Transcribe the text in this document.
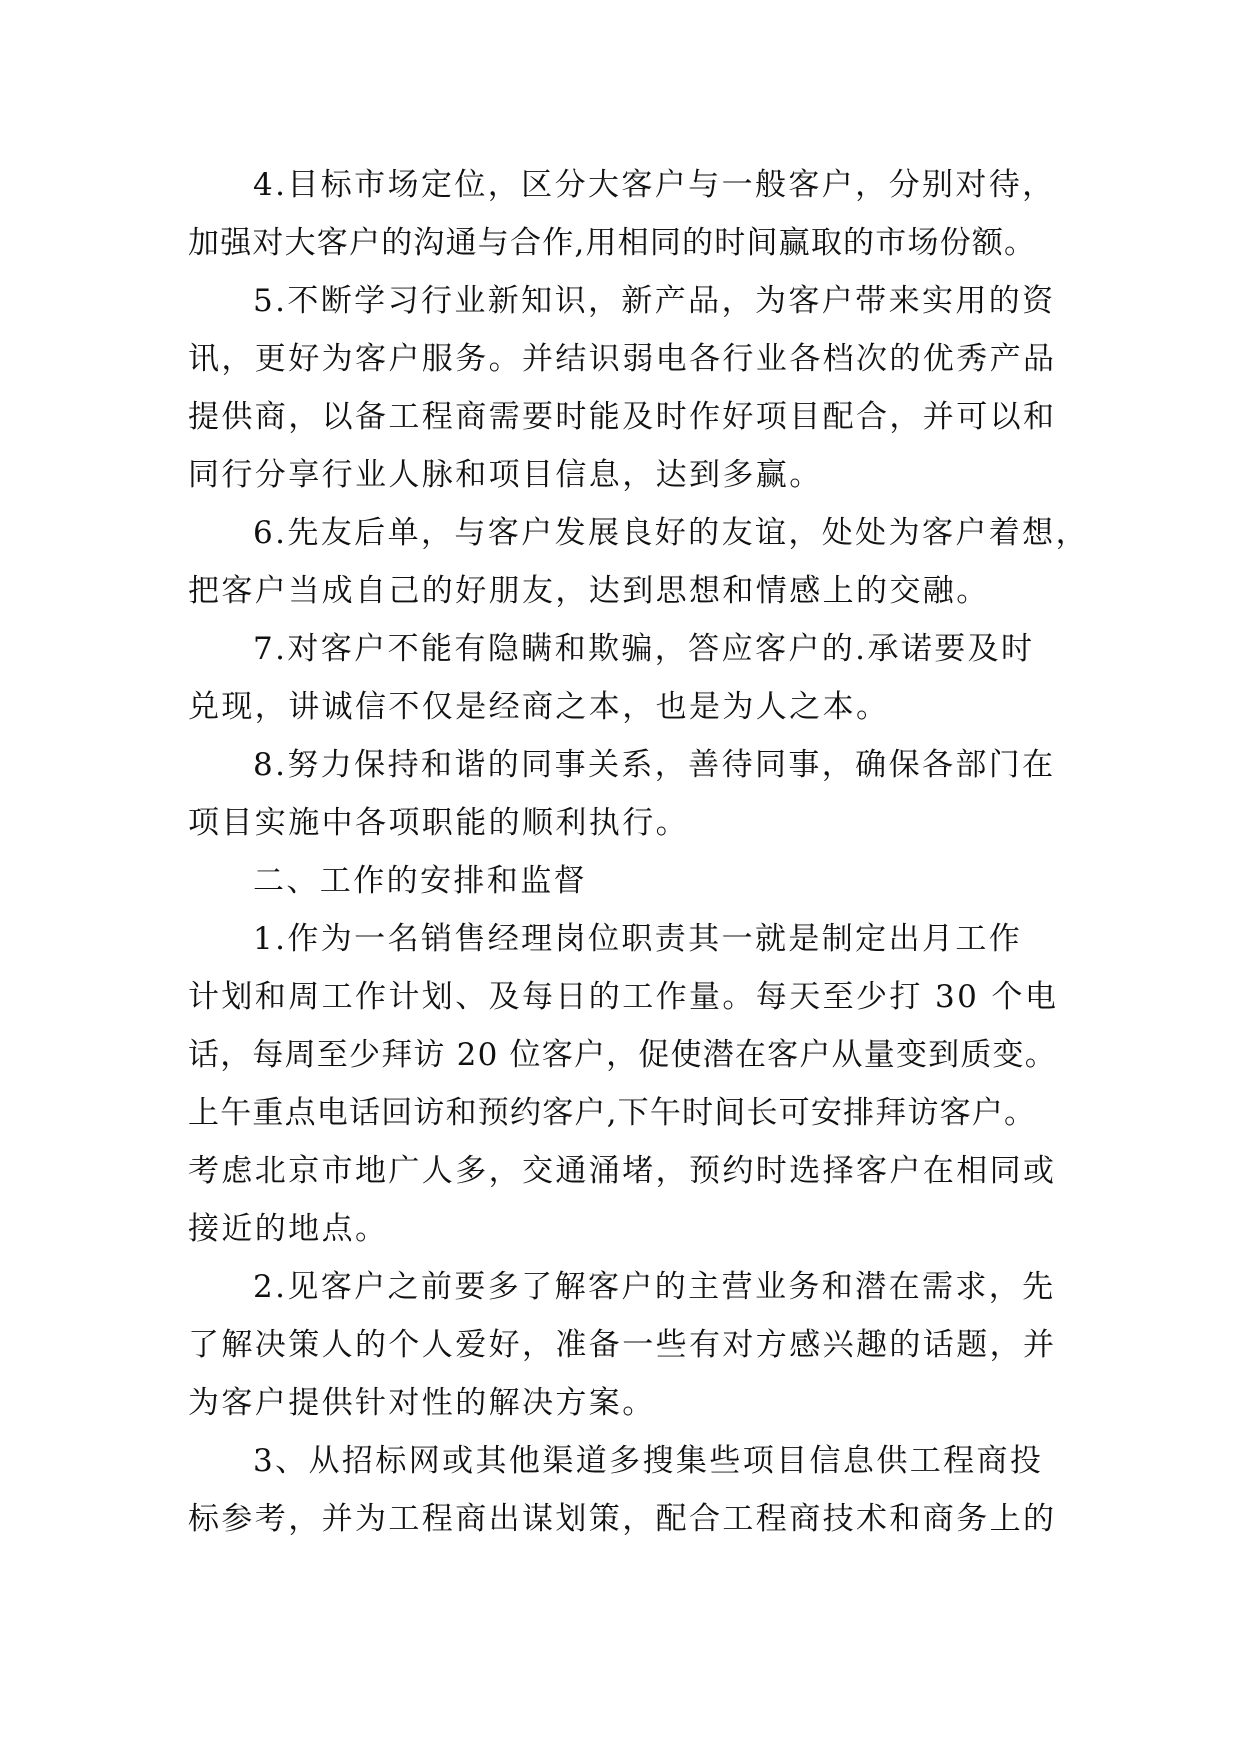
4.目标市场定位，区分大客户与一般客户，分别对待，
加强对大客户的沟通与合作,用相同的时间赢取的市场份额。
5.不断学习行业新知识，新产品，为客户带来实用的资
讯，更好为客户服务。并结识弱电各行业各档次的优秀产品
提供商，以备工程商需要时能及时作好项目配合，并可以和
同行分享行业人脉和项目信息，达到多赢。
6.先友后单，与客户发展良好的友谊，处处为客户着想，
把客户当成自己的好朋友，达到思想和情感上的交融。
7.对客户不能有隐瞒和欺骗，答应客户的.承诺要及时
兑现，讲诚信不仅是经商之本，也是为人之本。
8.努力保持和谐的同事关系，善待同事，确保各部门在
项目实施中各项职能的顺利执行。
二、工作的安排和监督
1.作为一名销售经理岗位职责其一就是制定出月工作
计划和周工作计划、及每日的工作量。每天至少打 30 个电
话，每周至少拜访 20 位客户，促使潜在客户从量变到质变。
上午重点电话回访和预约客户,下午时间长可安排拜访客户。
考虑北京市地广人多，交通涌堵，预约时选择客户在相同或
接近的地点。
2.见客户之前要多了解客户的主营业务和潜在需求，先
了解决策人的个人爱好，准备一些有对方感兴趣的话题，并
为客户提供针对性的解决方案。
3、从招标网或其他渠道多搜集些项目信息供工程商投
标参考，并为工程商出谋划策，配合工程商技术和商务上的
